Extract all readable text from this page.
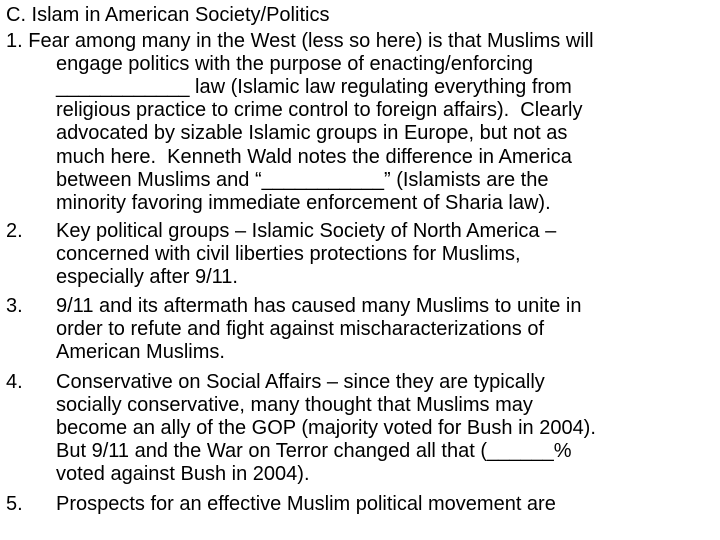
C. Islam in American Society/Politics
1. Fear among many in the West (less so here) is that Muslims will
engage politics with the purpose of enacting/enforcing
____________ law (Islamic law regulating everything from
religious practice to crime control to foreign affairs).  Clearly
advocated by sizable Islamic groups in Europe, but not as
much here.  Kenneth Wald notes the difference in America
between Muslims and “___________” (Islamists are the
minority favoring immediate enforcement of Sharia law).
2. Key political groups – Islamic Society of North America –
concerned with civil liberties protections for Muslims,
especially after 9/11.
3. 9/11 and its aftermath has caused many Muslims to unite in
order to refute and fight against mischaracterizations of
American Muslims.
4. Conservative on Social Affairs – since they are typically
socially conservative, many thought that Muslims may
become an ally of the GOP (majority voted for Bush in 2004).
But 9/11 and the War on Terror changed all that (______%
voted against Bush in 2004).
5. Prospects for an effective Muslim political movement are
